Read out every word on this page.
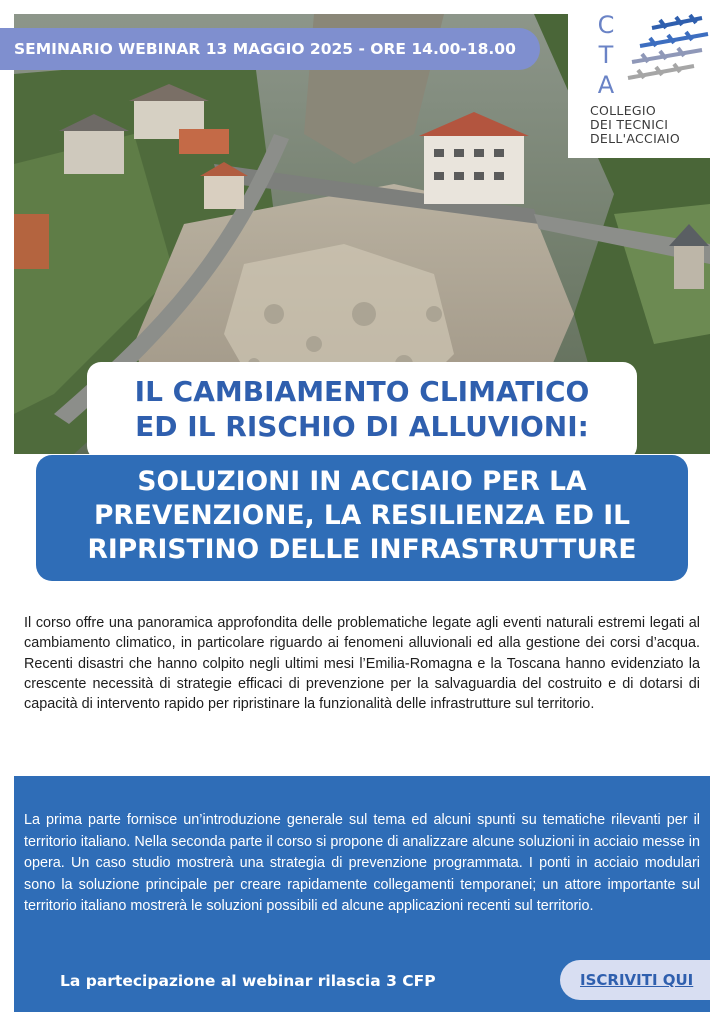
SEMINARIO WEBINAR 13 MAGGIO 2025 - ORE 14.00-18.00
C
T
A
COLLEGIO
DEI TECNICI
DELL'ACCIAIO
IL CAMBIAMENTO CLIMATICO
ED IL RISCHIO DI ALLUVIONI:
SOLUZIONI IN ACCIAIO PER LA
PREVENZIONE, LA RESILIENZA ED IL
RIPRISTINO DELLE INFRASTRUTTURE

Il corso offre una panoramica approfondita delle problematiche legate agli eventi naturali estremi legati al cambiamento climatico, in particolare riguardo ai fenomeni alluvionali ed alla gestione dei corsi d’acqua. Recenti disastri che hanno colpito negli ultimi mesi l’Emilia-Romagna e la Toscana hanno evidenziato la crescente necessità di strategie efficaci di prevenzione per la salvaguardia del costruito e di dotarsi di capacità di intervento rapido per ripristinare la funzionalità delle infrastrutture sul territorio.

La prima parte fornisce un’introduzione generale sul tema ed alcuni spunti su tematiche rilevanti per il territorio italiano. Nella seconda parte il corso si propone di analizzare alcune soluzioni in acciaio messe in opera. Un caso studio mostrerà una strategia di prevenzione programmata. I ponti in acciaio modulari sono la soluzione principale per creare rapidamente collegamenti temporanei; un attore importante sul territorio italiano mostrerà le soluzioni possibili ed alcune applicazioni recenti sul territorio.

La partecipazione al webinar rilascia 3 CFP	ISCRIVITI QUI
